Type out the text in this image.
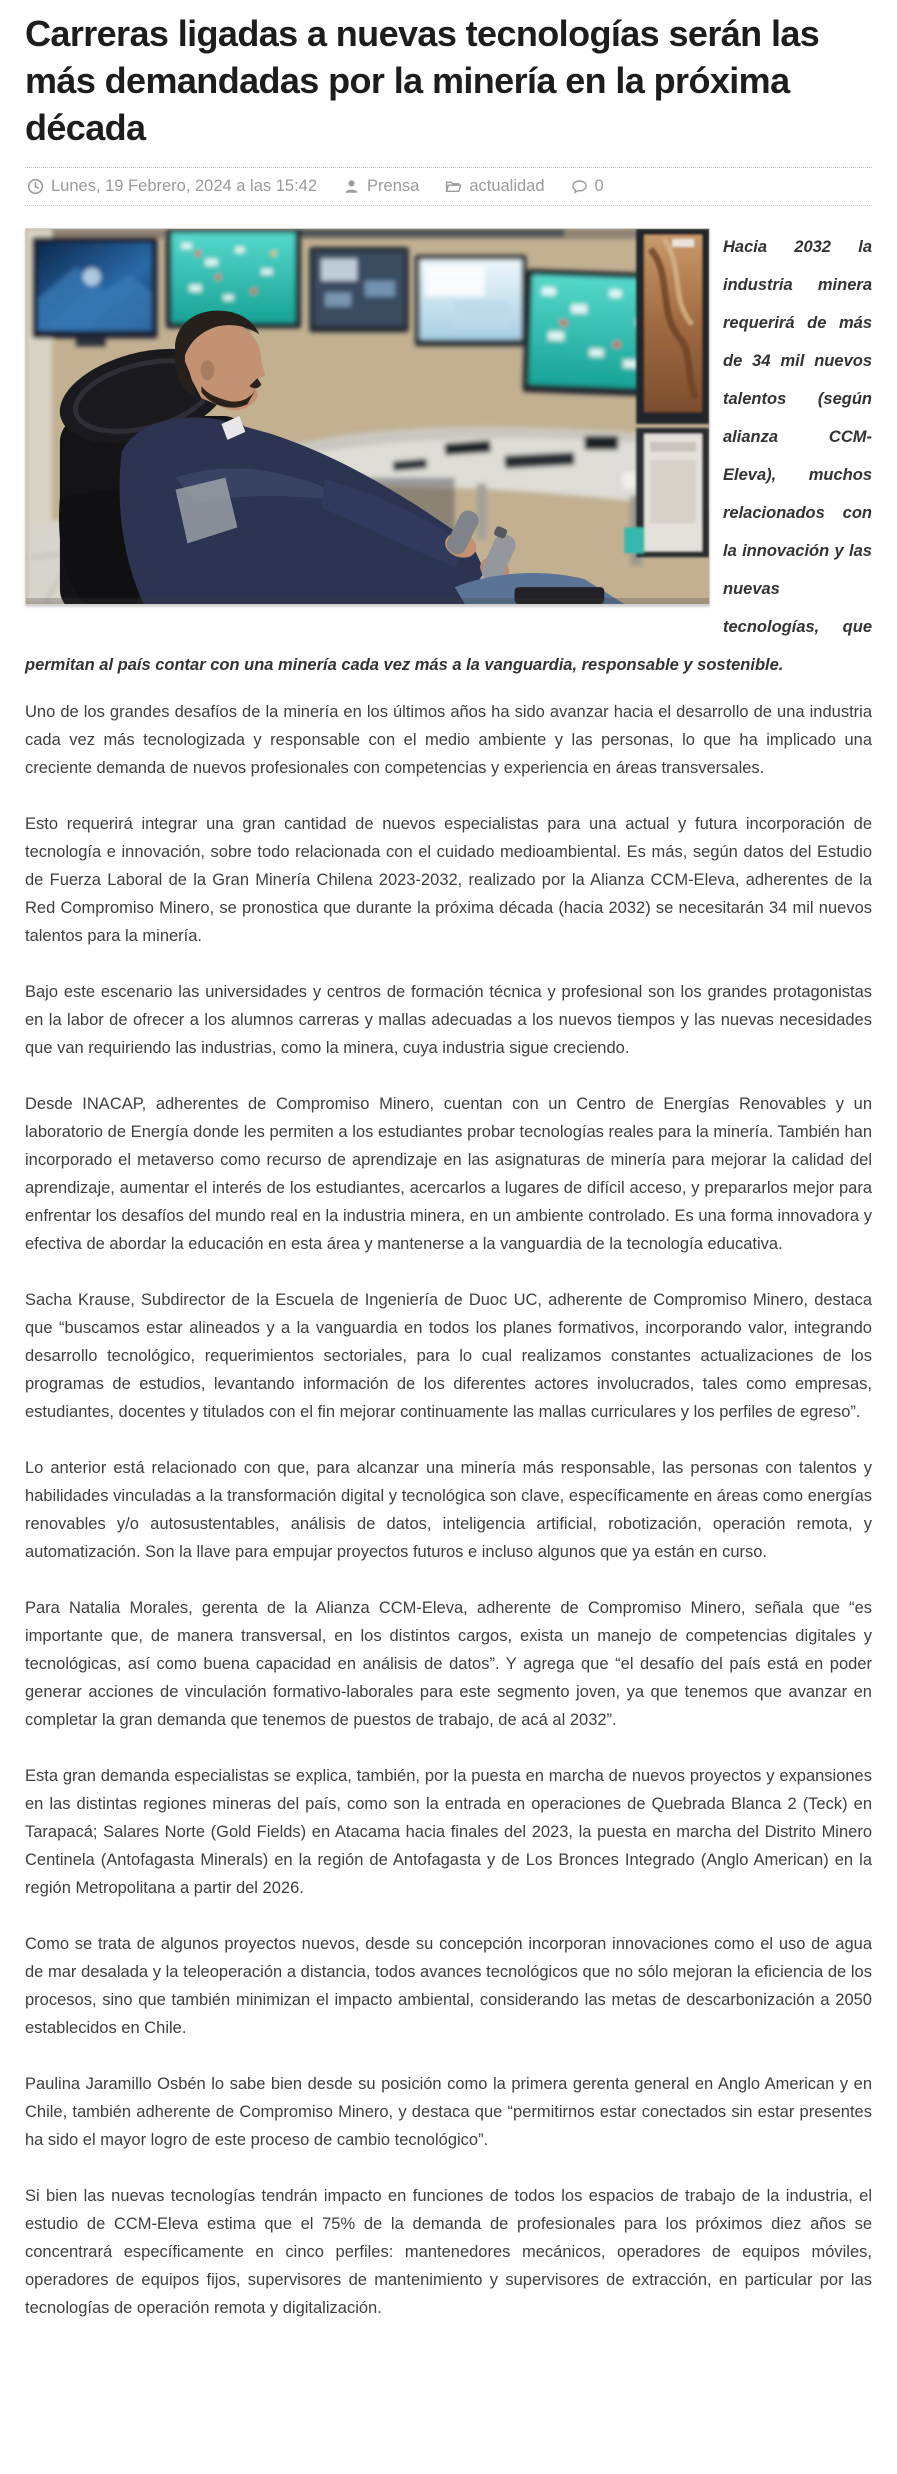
Carreras ligadas a nuevas tecnologías serán las más demandadas por la minería en la próxima década
Lunes, 19 Febrero, 2024 a las 15:42	Prensa	actualidad	0

Hacia 2032 la industria minera requerirá de más de 34 mil nuevos talentos (según alianza CCM-Eleva), muchos relacionados con la innovación y las nuevas tecnologías, que permitan al país contar con una minería cada vez más a la vanguardia, responsable y sostenible.

Uno de los grandes desafíos de la minería en los últimos años ha sido avanzar hacia el desarrollo de una industria cada vez más tecnologizada y responsable con el medio ambiente y las personas, lo que ha implicado una creciente demanda de nuevos profesionales con competencias y experiencia en áreas transversales.

Esto requerirá integrar una gran cantidad de nuevos especialistas para una actual y futura incorporación de tecnología e innovación, sobre todo relacionada con el cuidado medioambiental. Es más, según datos del Estudio de Fuerza Laboral de la Gran Minería Chilena 2023-2032, realizado por la Alianza CCM-Eleva, adherentes de la Red Compromiso Minero, se pronostica que durante la próxima década (hacia 2032) se necesitarán 34 mil nuevos talentos para la minería.

Bajo este escenario las universidades y centros de formación técnica y profesional son los grandes protagonistas en la labor de ofrecer a los alumnos carreras y mallas adecuadas a los nuevos tiempos y las nuevas necesidades que van requiriendo las industrias, como la minera, cuya industria sigue creciendo.

Desde INACAP, adherentes de Compromiso Minero, cuentan con un Centro de Energías Renovables y un laboratorio de Energía donde les permiten a los estudiantes probar tecnologías reales para la minería. También han incorporado el metaverso como recurso de aprendizaje en las asignaturas de minería para mejorar la calidad del aprendizaje, aumentar el interés de los estudiantes, acercarlos a lugares de difícil acceso, y prepararlos mejor para enfrentar los desafíos del mundo real en la industria minera, en un ambiente controlado. Es una forma innovadora y efectiva de abordar la educación en esta área y mantenerse a la vanguardia de la tecnología educativa.

Sacha Krause, Subdirector de la Escuela de Ingeniería de Duoc UC, adherente de Compromiso Minero, destaca que “buscamos estar alineados y a la vanguardia en todos los planes formativos, incorporando valor, integrando desarrollo tecnológico, requerimientos sectoriales, para lo cual realizamos constantes actualizaciones de los programas de estudios, levantando información de los diferentes actores involucrados, tales como empresas, estudiantes, docentes y titulados con el fin mejorar continuamente las mallas curriculares y los perfiles de egreso”.

Lo anterior está relacionado con que, para alcanzar una minería más responsable, las personas con talentos y habilidades vinculadas a la transformación digital y tecnológica son clave, específicamente en áreas como energías renovables y/o autosustentables, análisis de datos, inteligencia artificial, robotización, operación remota, y automatización. Son la llave para empujar proyectos futuros e incluso algunos que ya están en curso.

Para Natalia Morales, gerenta de la Alianza CCM-Eleva, adherente de Compromiso Minero, señala que “es importante que, de manera transversal, en los distintos cargos, exista un manejo de competencias digitales y tecnológicas, así como buena capacidad en análisis de datos”. Y agrega que “el desafío del país está en poder generar acciones de vinculación formativo-laborales para este segmento joven, ya que tenemos que avanzar en completar la gran demanda que tenemos de puestos de trabajo, de acá al 2032”.

Esta gran demanda especialistas se explica, también, por la puesta en marcha de nuevos proyectos y expansiones en las distintas regiones mineras del país, como son la entrada en operaciones de Quebrada Blanca 2 (Teck) en Tarapacá; Salares Norte (Gold Fields) en Atacama hacia finales del 2023, la puesta en marcha del Distrito Minero Centinela (Antofagasta Minerals) en la región de Antofagasta y de Los Bronces Integrado (Anglo American) en la región Metropolitana a partir del 2026.

Como se trata de algunos proyectos nuevos, desde su concepción incorporan innovaciones como el uso de agua de mar desalada y la teleoperación a distancia, todos avances tecnológicos que no sólo mejoran la eficiencia de los procesos, sino que también minimizan el impacto ambiental, considerando las metas de descarbonización a 2050 establecidos en Chile.

Paulina Jaramillo Osbén lo sabe bien desde su posición como la primera gerenta general en Anglo American y en Chile, también adherente de Compromiso Minero, y destaca que “permitirnos estar conectados sin estar presentes ha sido el mayor logro de este proceso de cambio tecnológico”.

Si bien las nuevas tecnologías tendrán impacto en funciones de todos los espacios de trabajo de la industria, el estudio de CCM-Eleva estima que el 75% de la demanda de profesionales para los próximos diez años se concentrará específicamente en cinco perfiles: mantenedores mecánicos, operadores de equipos móviles, operadores de equipos fijos, supervisores de mantenimiento y supervisores de extracción, en particular por las tecnologías de operación remota y digitalización.
